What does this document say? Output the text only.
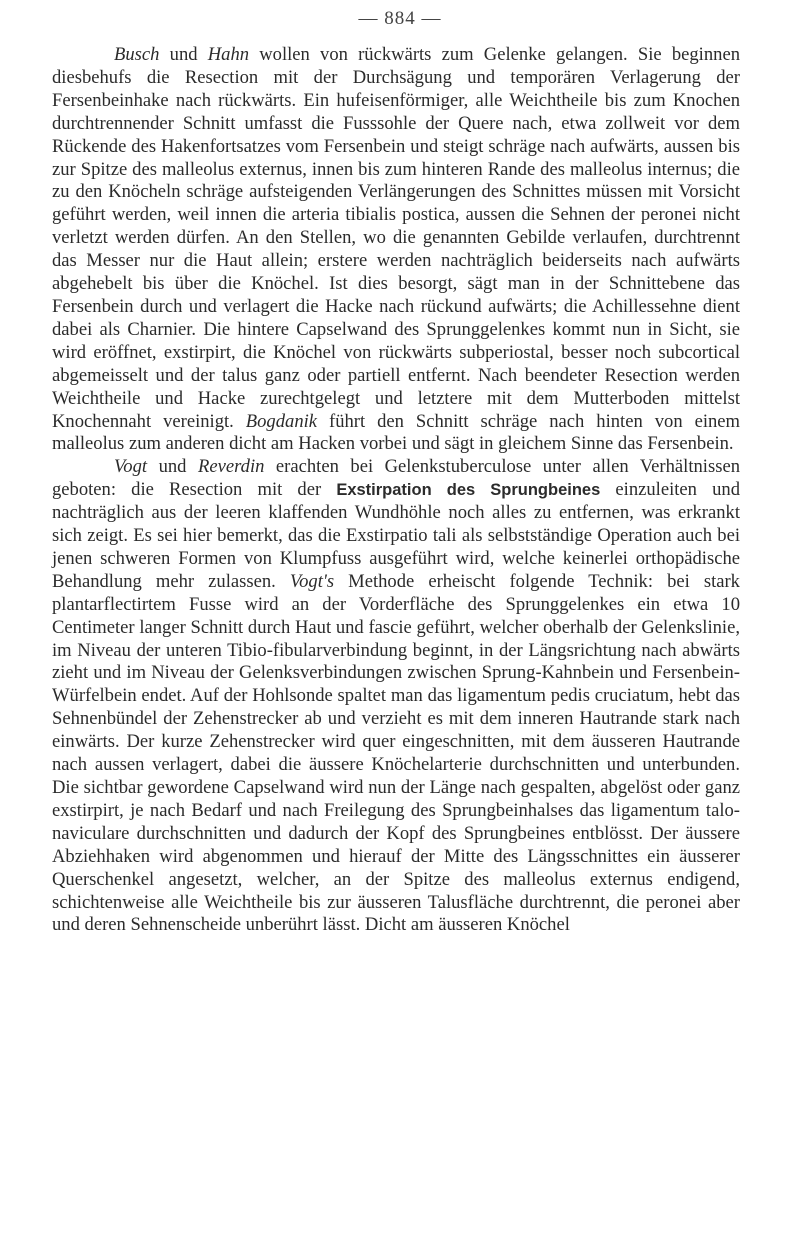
— 884 —

Busch und Hahn wollen von rückwärts zum Gelenke gelangen. Sie beginnen diesbehufs die Resection mit der Durchsägung und temporären Verlagerung der Fersenbeinhake nach rückwärts. Ein hufeisenförmiger, alle Weichtheile bis zum Knochen durchtrennender Schnitt umfasst die Fusssohle der Quere nach, etwa zollweit vor dem Rückende des Hakenfortsatzes vom Fersenbein und steigt schräge nach aufwärts, aussen bis zur Spitze des malleolus externus, innen bis zum hinteren Rande des malleolus internus; die zu den Knöcheln schräge aufsteigenden Verlängerungen des Schnittes müssen mit Vorsicht geführt werden, weil innen die arteria tibialis postica, aussen die Sehnen der peronei nicht verletzt werden dürfen. An den Stellen, wo die genannten Gebilde verlaufen, durchtrennt das Messer nur die Haut allein; erstere werden nachträglich beiderseits nach aufwärts abgehebelt bis über die Knöchel. Ist dies besorgt, sägt man in der Schnittebene das Fersenbein durch und verlagert die Hacke nach rückund aufwärts; die Achillessehne dient dabei als Charnier. Die hintere Capselwand des Sprunggelenkes kommt nun in Sicht, sie wird eröffnet, exstirpirt, die Knöchel von rückwärts subperiostal, besser noch subcortical abgemeisselt und der talus ganz oder partiell entfernt. Nach beendeter Resection werden Weichtheile und Hacke zurechtgelegt und letztere mit dem Mutterboden mittelst Knochennaht vereinigt. Bogdanik führt den Schnitt schräge nach hinten von einem malleolus zum anderen dicht am Hacken vorbei und sägt in gleichem Sinne das Fersenbein.

Vogt und Reverdin erachten bei Gelenkstuberculose unter allen Verhältnissen geboten: die Resection mit der Exstirpation des Sprungbeines einzuleiten und nachträglich aus der leeren klaffenden Wundhöhle noch alles zu entfernen, was erkrankt sich zeigt. Es sei hier bemerkt, das die Exstirpatio tali als selbstständige Operation auch bei jenen schweren Formen von Klumpfuss ausgeführt wird, welche keinerlei orthopädische Behandlung mehr zulassen. Vogt's Methode erheischt folgende Technik: bei stark plantarflectirtem Fusse wird an der Vorderfläche des Sprunggelenkes ein etwa 10 Centimeter langer Schnitt durch Haut und fascie geführt, welcher oberhalb der Gelenkslinie, im Niveau der unteren Tibio-fibularverbindung beginnt, in der Längsrichtung nach abwärts zieht und im Niveau der Gelenksverbindungen zwischen Sprung-Kahnbein und Fersenbein-Würfelbein endet. Auf der Hohlsonde spaltet man das ligamentum pedis cruciatum, hebt das Sehnenbündel der Zehenstrecker ab und verzieht es mit dem inneren Hautrande stark nach einwärts. Der kurze Zehenstrecker wird quer eingeschnitten, mit dem äusseren Hautrande nach aussen verlagert, dabei die äussere Knöchelarterie durchschnitten und unterbunden. Die sichtbar gewordene Capselwand wird nun der Länge nach gespalten, abgelöst oder ganz exstirpirt, je nach Bedarf und nach Freilegung des Sprungbeinhalses das ligamentum talo-naviculare durchschnitten und dadurch der Kopf des Sprungbeines entblösst. Der äussere Abziehhaken wird abgenommen und hierauf der Mitte des Längsschnittes ein äusserer Querschenkel angesetzt, welcher, an der Spitze des malleolus externus endigend, schichtenweise alle Weichtheile bis zur äusseren Talusfläche durchtrennt, die peronei aber und deren Sehnenscheide unberührt lässt. Dicht am äusseren Knöchel
